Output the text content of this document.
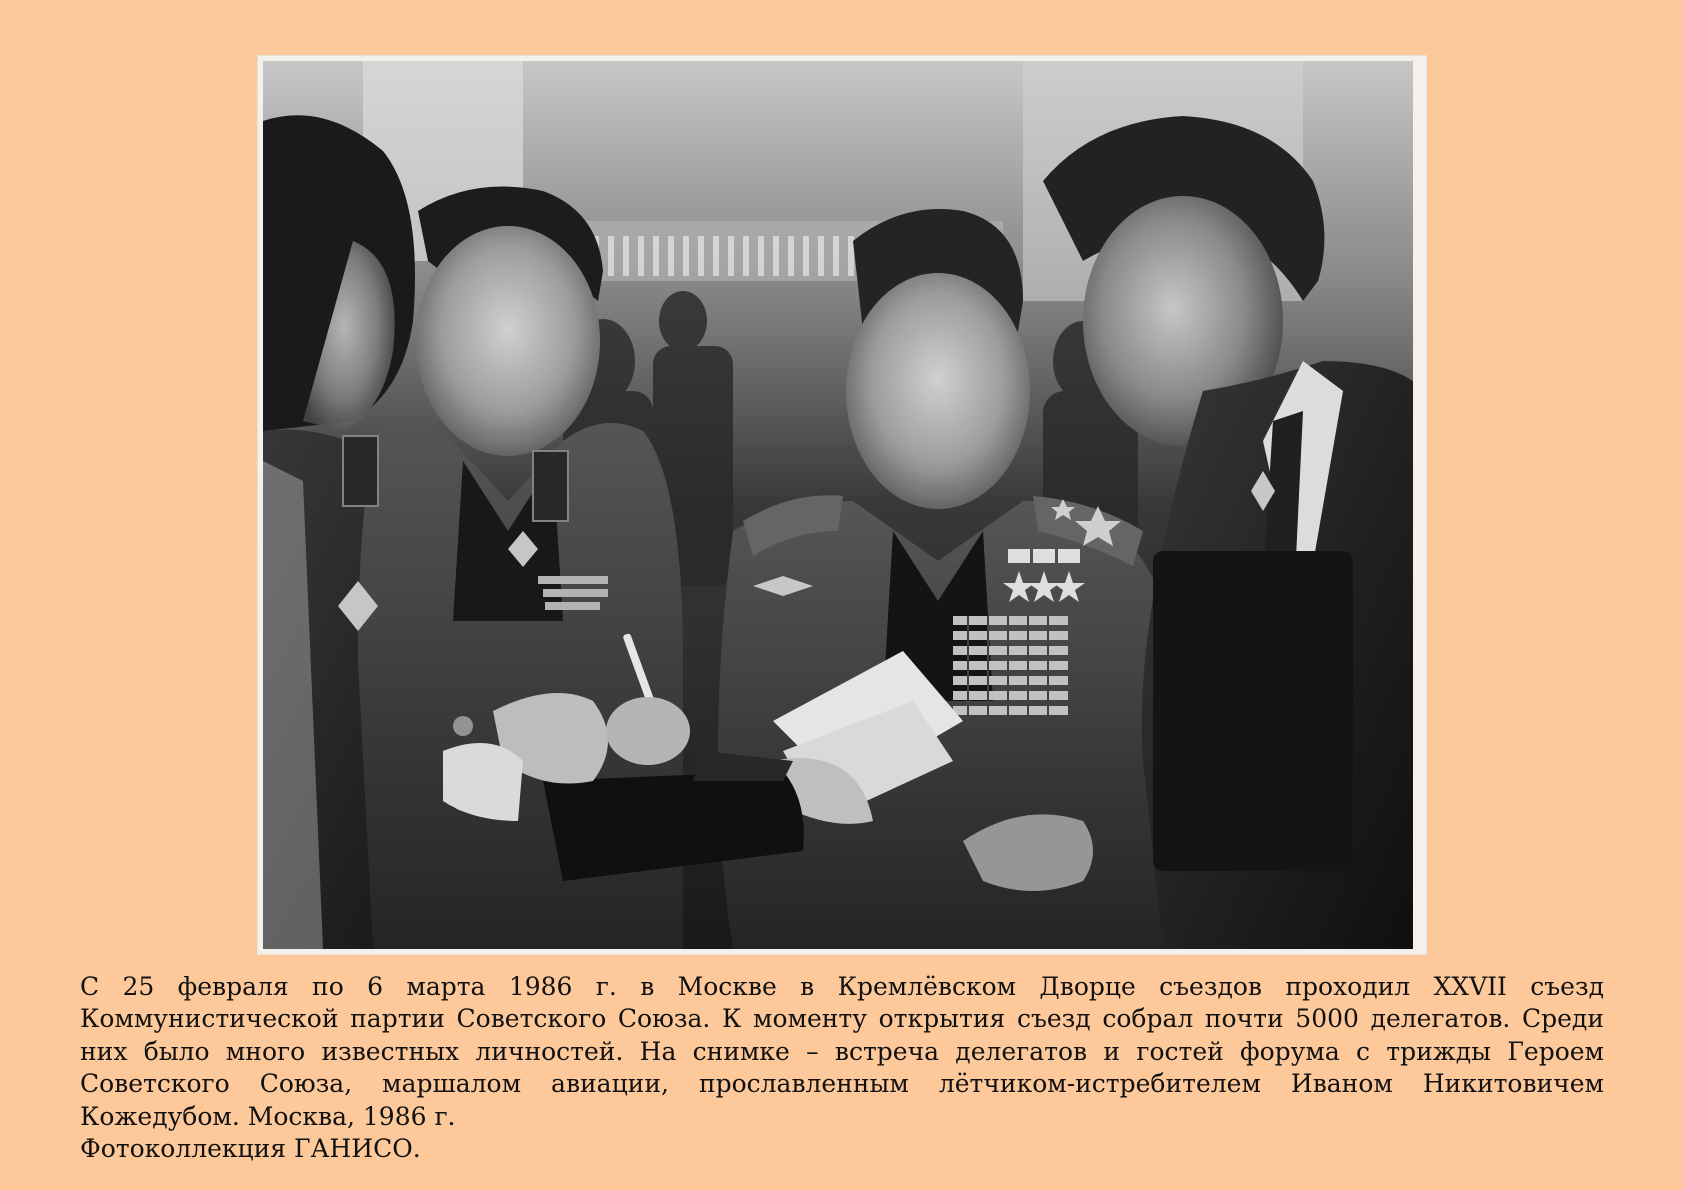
С 25 февраля по 6 марта 1986 г. в Москве в Кремлёвском Дворце съездов проходил XXVII съезд Коммунистической партии Советского Союза. К моменту открытия съезд собрал почти 5000 делегатов. Среди них было много известных личностей. На снимке – встреча делегатов и гостей форума с трижды Героем Советского Союза, маршалом авиации, прославленным лётчиком-истребителем Иваном Никитовичем Кожедубом. Москва, 1986 г.

Фотоколлекция ГАНИСО.
